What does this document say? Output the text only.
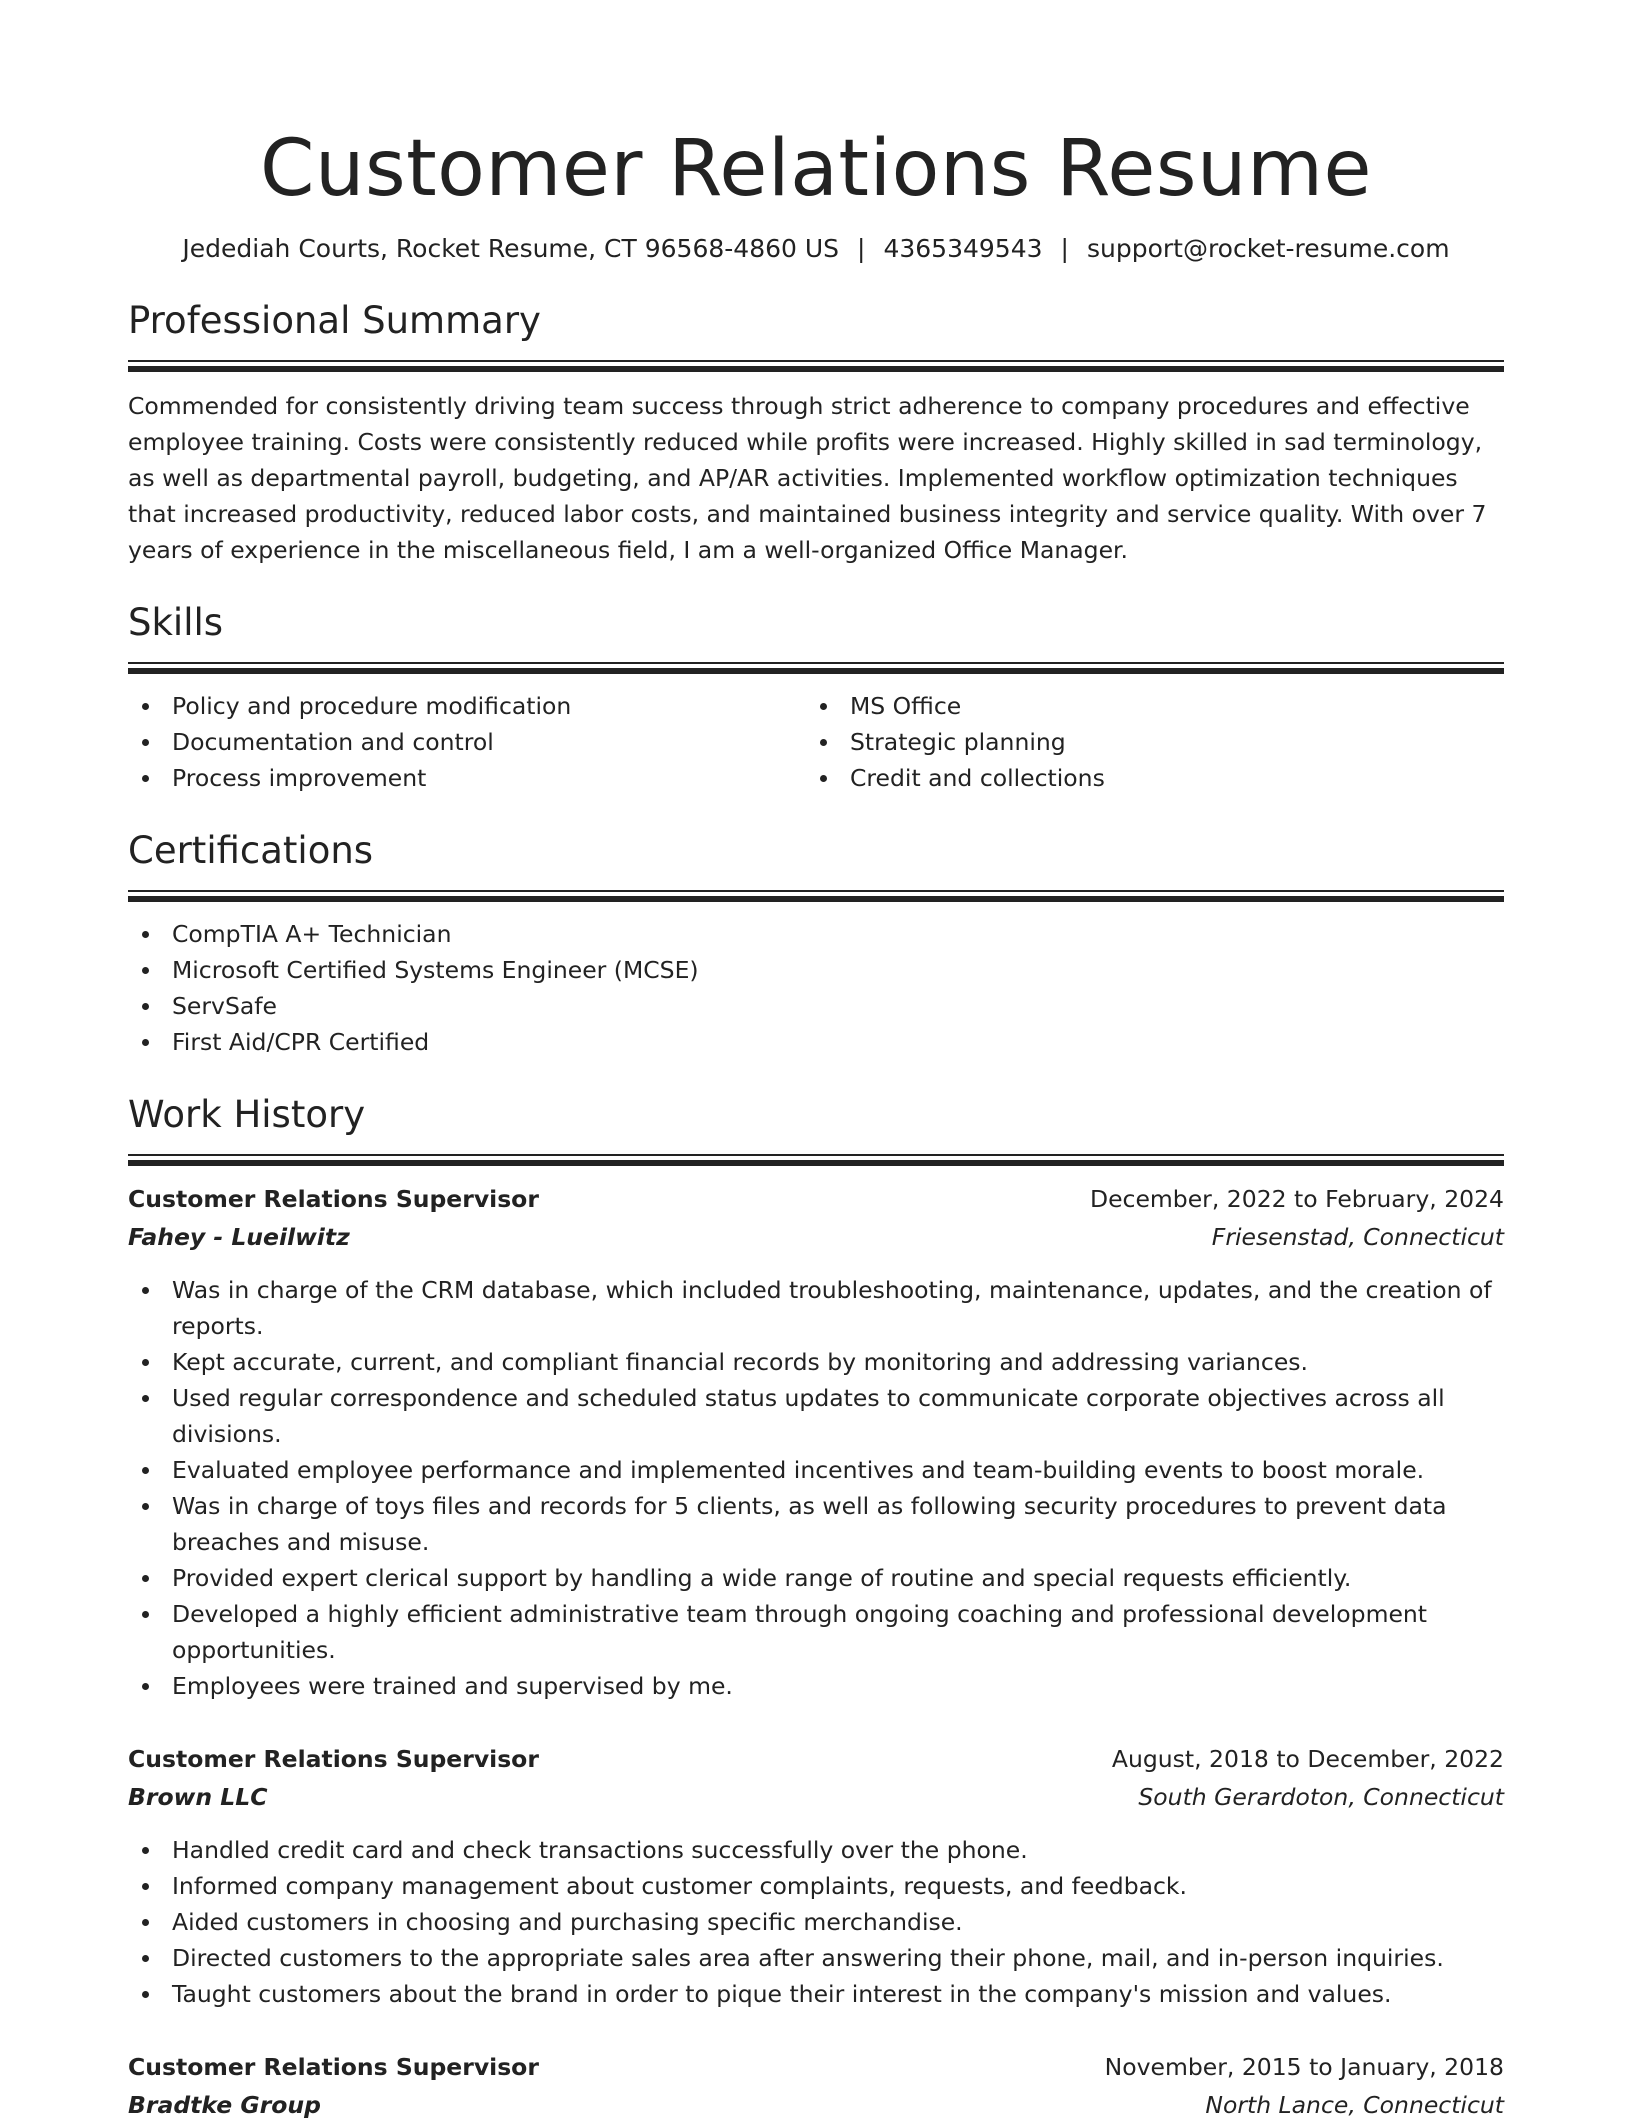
Customer Relations Resume
Jedediah Courts, Rocket Resume, CT 96568-4860 US | 4365349543 | support@rocket-resume.com
Professional Summary

Commended for consistently driving team success through strict adherence to company procedures and effective employee training. Costs were consistently reduced while profits were increased. Highly skilled in sad terminology, as well as departmental payroll, budgeting, and AP/AR activities. Implemented workflow optimization techniques that increased productivity, reduced labor costs, and maintained business integrity and service quality. With over 7 years of experience in the miscellaneous field, I am a well-organized Office Manager.

Skills
Policy and procedure modification
Documentation and control
Process improvement
MS Office
Strategic planning
Credit and collections
Certifications
CompTIA A+ Technician
Microsoft Certified Systems Engineer (MCSE)
ServSafe
First Aid/CPR Certified
Work History
Customer Relations Supervisor	December, 2022 to February, 2024
Fahey - Lueilwitz	Friesenstad, Connecticut
Was in charge of the CRM database, which included troubleshooting, maintenance, updates, and the creation of reports.
Kept accurate, current, and compliant financial records by monitoring and addressing variances.
Used regular correspondence and scheduled status updates to communicate corporate objectives across all divisions.
Evaluated employee performance and implemented incentives and team-building events to boost morale.
Was in charge of toys files and records for 5 clients, as well as following security procedures to prevent data breaches and misuse.
Provided expert clerical support by handling a wide range of routine and special requests efficiently.
Developed a highly efficient administrative team through ongoing coaching and professional development opportunities.
Employees were trained and supervised by me.
Customer Relations Supervisor	August, 2018 to December, 2022
Brown LLC	South Gerardoton, Connecticut
Handled credit card and check transactions successfully over the phone.
Informed company management about customer complaints, requests, and feedback.
Aided customers in choosing and purchasing specific merchandise.
Directed customers to the appropriate sales area after answering their phone, mail, and in-person inquiries.
Taught customers about the brand in order to pique their interest in the company's mission and values.
Customer Relations Supervisor	November, 2015 to January, 2018
Bradtke Group	North Lance, Connecticut
